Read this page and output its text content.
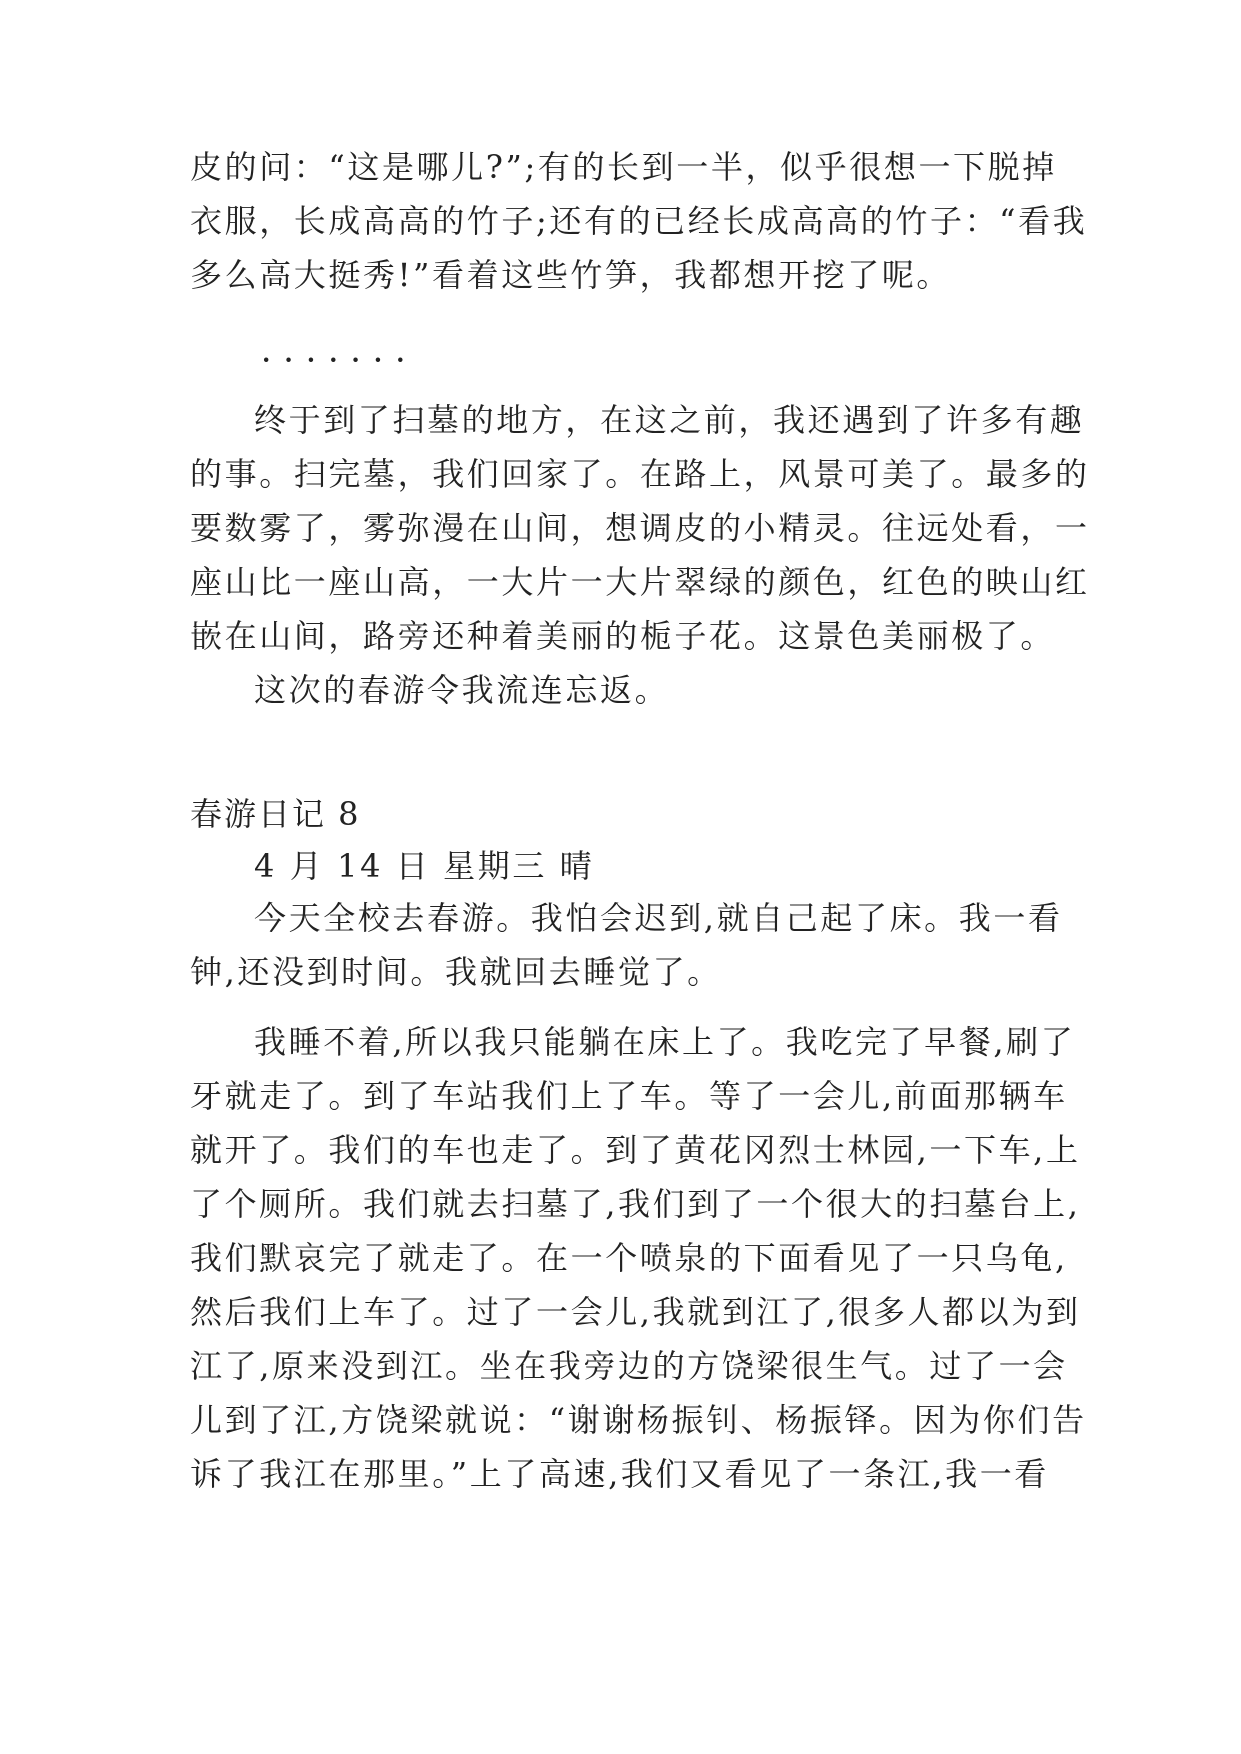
皮的问：“这是哪儿?”;有的长到一半，似乎很想一下脱掉
衣服，长成高高的竹子;还有的已经长成高高的竹子：“看我
多么高大挺秀!”看着这些竹笋，我都想开挖了呢。
·······
终于到了扫墓的地方，在这之前，我还遇到了许多有趣
的事。扫完墓，我们回家了。在路上，风景可美了。最多的
要数雾了，雾弥漫在山间，想调皮的小精灵。往远处看，一
座山比一座山高，一大片一大片翠绿的颜色，红色的映山红
嵌在山间，路旁还种着美丽的栀子花。这景色美丽极了。
这次的春游令我流连忘返。
春游日记 8
4 月 14 日 星期三 晴
今天全校去春游。我怕会迟到,就自己起了床。我一看
钟,还没到时间。我就回去睡觉了。
我睡不着,所以我只能躺在床上了。我吃完了早餐,刷了
牙就走了。到了车站我们上了车。等了一会儿,前面那辆车
就开了。我们的车也走了。到了黄花冈烈士林园,一下车,上
了个厕所。我们就去扫墓了,我们到了一个很大的扫墓台上,
我们默哀完了就走了。在一个喷泉的下面看见了一只乌龟,
然后我们上车了。过了一会儿,我就到江了,很多人都以为到
江了,原来没到江。坐在我旁边的方饶梁很生气。过了一会
儿到了江,方饶梁就说：“谢谢杨振钊、杨振铎。因为你们告
诉了我江在那里。”上了高速,我们又看见了一条江,我一看
